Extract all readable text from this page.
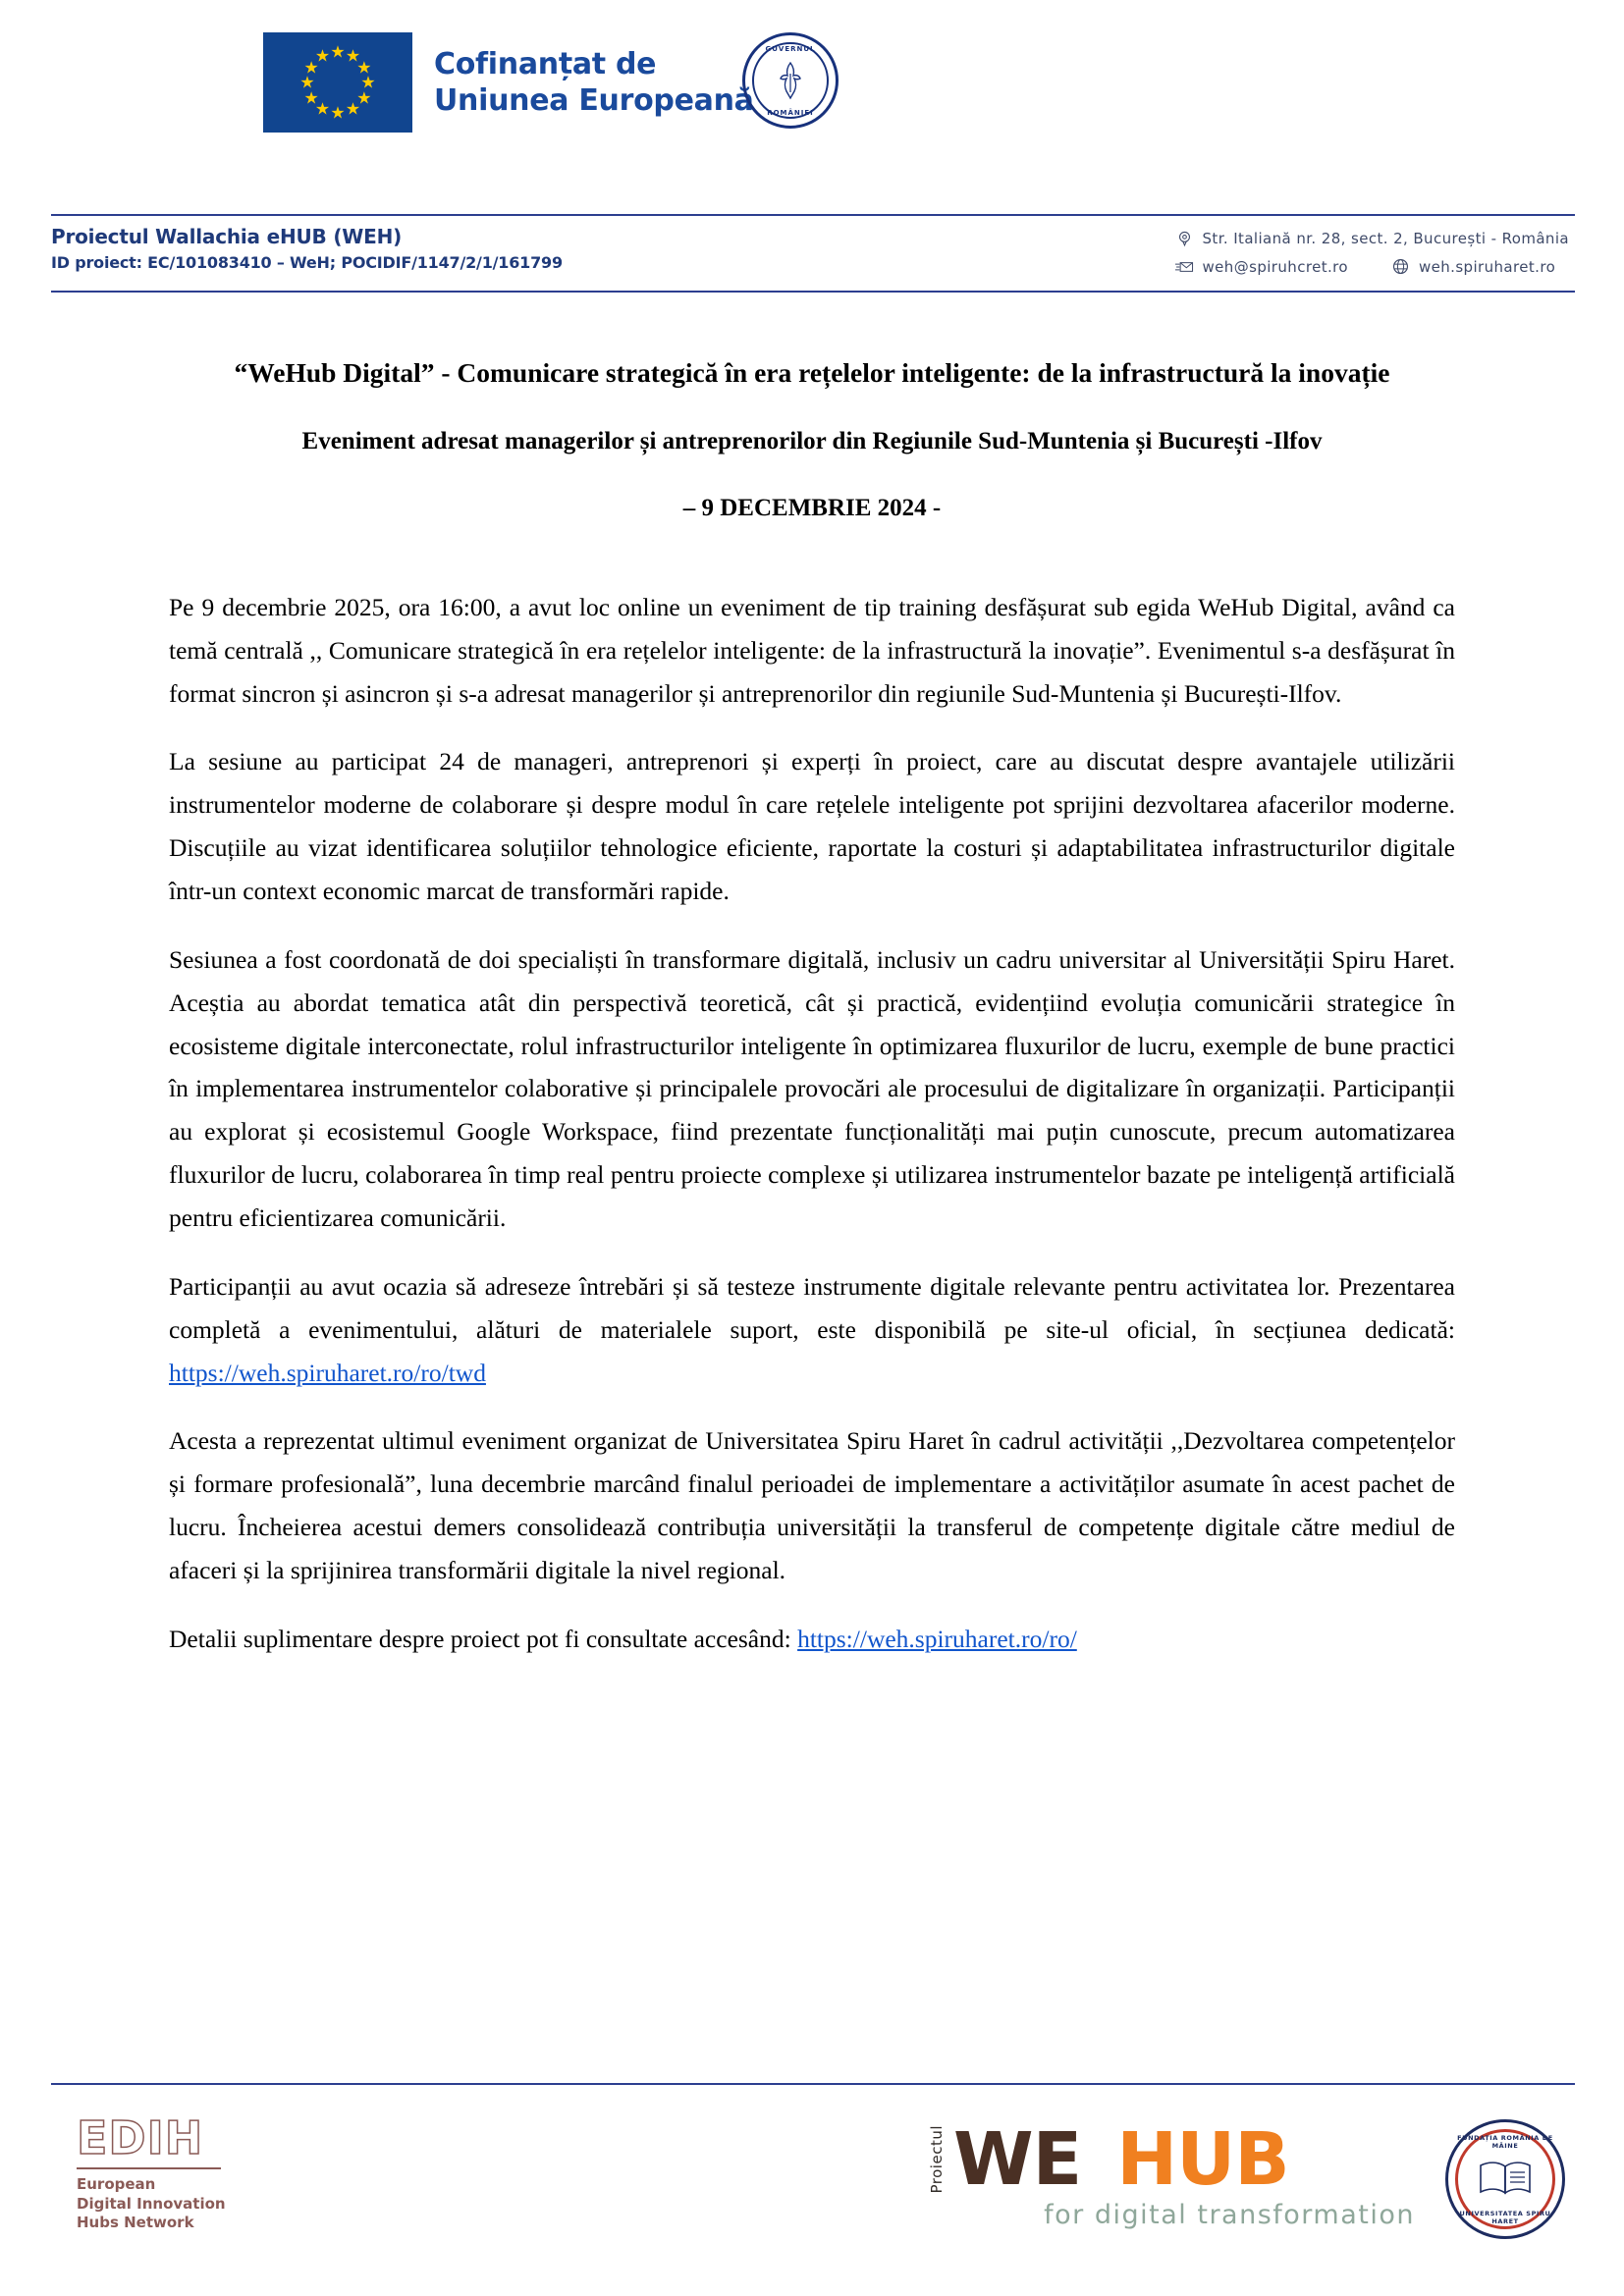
★ ★
★
★
★
★
★
★
★
★
★
★	Cofinanțat de
Uniunea Europeană
GUVERNUL
ROMÂNIEI
Proiectul Wallachia eHUB (WEH)
ID proiect: EC/101083410 – WeH; POCIDIF/1147/2/1/161799
Str. Italiană nr. 28, sect. 2, București - România
weh@spiruhcret.ro	weh.spiruharet.ro
“WeHub Digital” - Comunicare strategică în era rețelelor inteligente: de la infrastructură la inovație
Eveniment adresat managerilor și antreprenorilor din Regiunile Sud-Muntenia și București -Ilfov
– 9 DECEMBRIE 2024 -

Pe 9 decembrie 2025, ora 16:00, a avut loc online un eveniment de tip training desfășurat sub egida WeHub Digital, având ca temă centrală ,, Comunicare strategică în era rețelelor inteligente: de la infrastructură la inovație”. Evenimentul s-a desfășurat în format sincron și asincron și s-a adresat managerilor și antreprenorilor din regiunile Sud-Muntenia și București-Ilfov.

La sesiune au participat 24 de manageri, antreprenori și experți în proiect, care au discutat despre avantajele utilizării instrumentelor moderne de colaborare și despre modul în care rețelele inteligente pot sprijini dezvoltarea afacerilor moderne. Discuțiile au vizat identificarea soluțiilor tehnologice eficiente, raportate la costuri și adaptabilitatea infrastructurilor digitale într-un context economic marcat de transformări rapide.

Sesiunea a fost coordonată de doi specialiști în transformare digitală, inclusiv un cadru universitar al Universității Spiru Haret. Aceștia au abordat tematica atât din perspectivă teoretică, cât și practică, evidențiind evoluția comunicării strategice în ecosisteme digitale interconectate, rolul infrastructurilor inteligente în optimizarea fluxurilor de lucru, exemple de bune practici în implementarea instrumentelor colaborative și principalele provocări ale procesului de digitalizare în organizații. Participanții au explorat și ecosistemul Google Workspace, fiind prezentate funcționalități mai puțin cunoscute, precum automatizarea fluxurilor de lucru, colaborarea în timp real pentru proiecte complexe și utilizarea instrumentelor bazate pe inteligență artificială pentru eficientizarea comunicării.

Participanții au avut ocazia să adreseze întrebări și să testeze instrumente digitale relevante pentru activitatea lor. Prezentarea completă a evenimentului, alături de materialele suport, este disponibilă pe site-ul oficial, în secțiunea dedicată: https://weh.spiruharet.ro/ro/twd

Acesta a reprezentat ultimul eveniment organizat de Universitatea Spiru Haret în cadrul activității ,,Dezvoltarea competențelor și formare profesională”, luna decembrie marcând finalul perioadei de implementare a activităților asumate în acest pachet de lucru. Încheierea acestui demers consolidează contribuția universității la transferul de competențe digitale către mediul de afaceri și la sprijinirea transformării digitale la nivel regional.

Detalii suplimentare despre proiect pot fi consultate accesând: https://weh.spiruharet.ro/ro/

EDIH
European
Digital Innovation
Hubs Network
Proiectul WE HUB
for digital transformation
FUNDAȚIA ROMÂNIA DE MÂINE
UNIVERSITATEA SPIRU HARET
